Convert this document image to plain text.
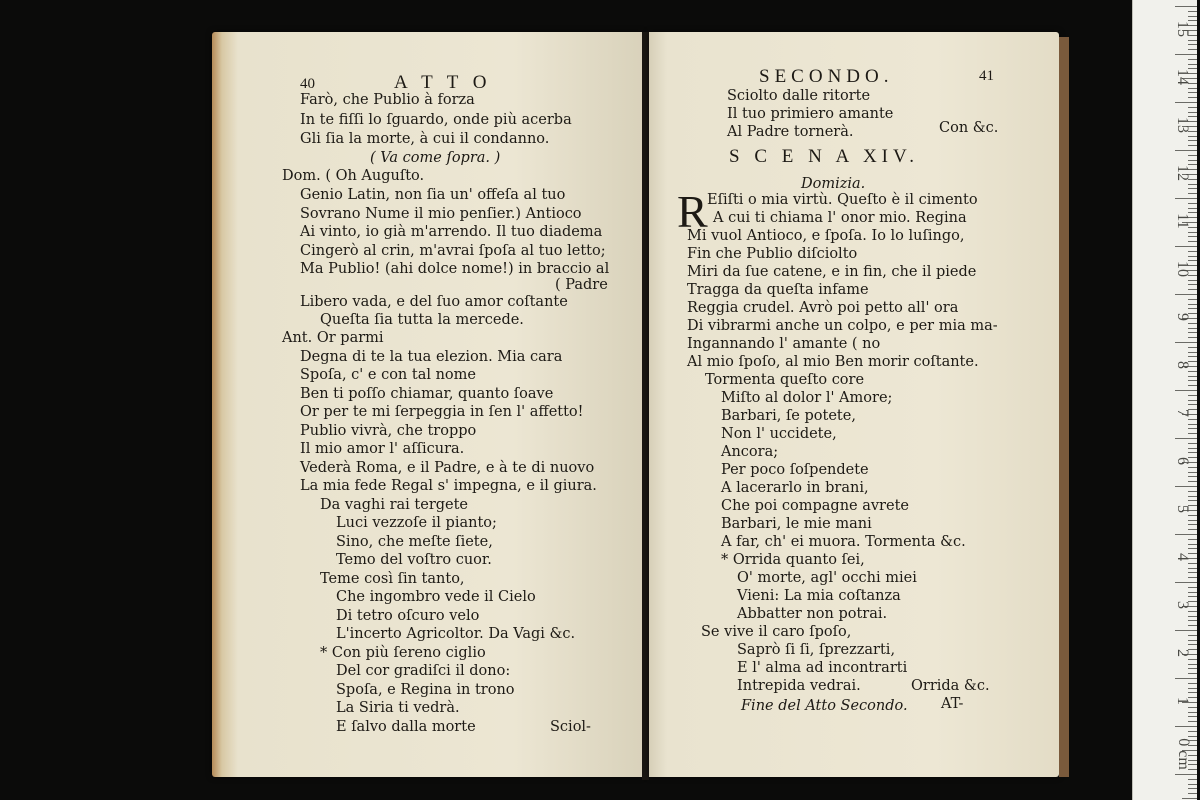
40	A T T O
Farò, che Publio à forza
In te fiſſi lo ſguardo, onde più acerba
Gli ſia la morte, à cui il condanno.
( Va come ſopra. )
Dom. ( Oh Auguſto.
Genio Latin, non ſia un' offeſa al tuo
Sovrano Nume il mio penſier.) Antioco
Ai vinto, io già m'arrendo. Il tuo diadema
Cingerò al crin, m'avrai ſpoſa al tuo letto;
Ma Publio! (ahi dolce nome!) in braccio al
( Padre
Libero vada, e del ſuo amor coſtante
Queſta ſia tutta la mercede.
Ant. Or parmi
Degna di te la tua elezion. Mia cara
Spoſa, c' e con tal nome
Ben ti poſſo chiamar, quanto ſoave
Or per te mi ſerpeggia in ſen l' affetto!
Publio vivrà, che troppo
Il mio amor l' aſſicura.
Vederà Roma, e il Padre, e à te di nuovo
La mia fede Regal s' impegna, e il giura.
Da vaghi rai tergete
Luci vezzoſe il pianto;
Sino, che meſte ſiete,
Temo del voſtro cuor.
Teme così ſin tanto,
Che ingombro vede il Cielo
Di tetro oſcuro velo
L'incerto Agricoltor. Da Vagi &c.
* Con più ſereno ciglio
Del cor gradiſci il dono:
Spoſa, e Regina in trono
La Siria ti vedrà.
E ſalvo dalla morte	Sciol-
SECONDO.	41
Sciolto dalle ritorte
Il tuo primiero amante
Al Padre tornerà.	Con &c.
S C E N A XIV.
Domizia.
R Eſiſti o mia virtù. Queſto è il cimento
A cui ti chiama l' onor mio. Regina
Mi vuol Antioco, e ſpoſa. Io lo luſingo,
Fin che Publio diſciolto
Miri da ſue catene, e in fin, che il piede
Tragga da queſta infame
Reggia crudel. Avrò poi petto all' ora
Di vibrarmi anche un colpo, e per mia ma-
Ingannando l' amante ( no
Al mio ſpoſo, al mio Ben morir coſtante.
Tormenta queſto core
Miſto al dolor l' Amore;
Barbari, ſe potete,
Non l' uccidete,
Ancora;
Per poco ſoſpendete
A lacerarlo in brani,
Che poi compagne avrete
Barbari, le mie mani
A far, ch' ei muora. Tormenta &c.
* Orrida quanto ſei,
O' morte, agl' occhi miei
Vieni: La mia coſtanza
Abbatter non potrai.
Se vive il caro ſpoſo,
Saprò ſi ſi, ſprezzarti,
E l' alma ad incontrarti
Intrepida vedrai.	Orrida &c.
Fine del Atto Secondo. AT-
15
14
13
12
11
10
9
8
7
6
5
4
3
2
1
0 cm
